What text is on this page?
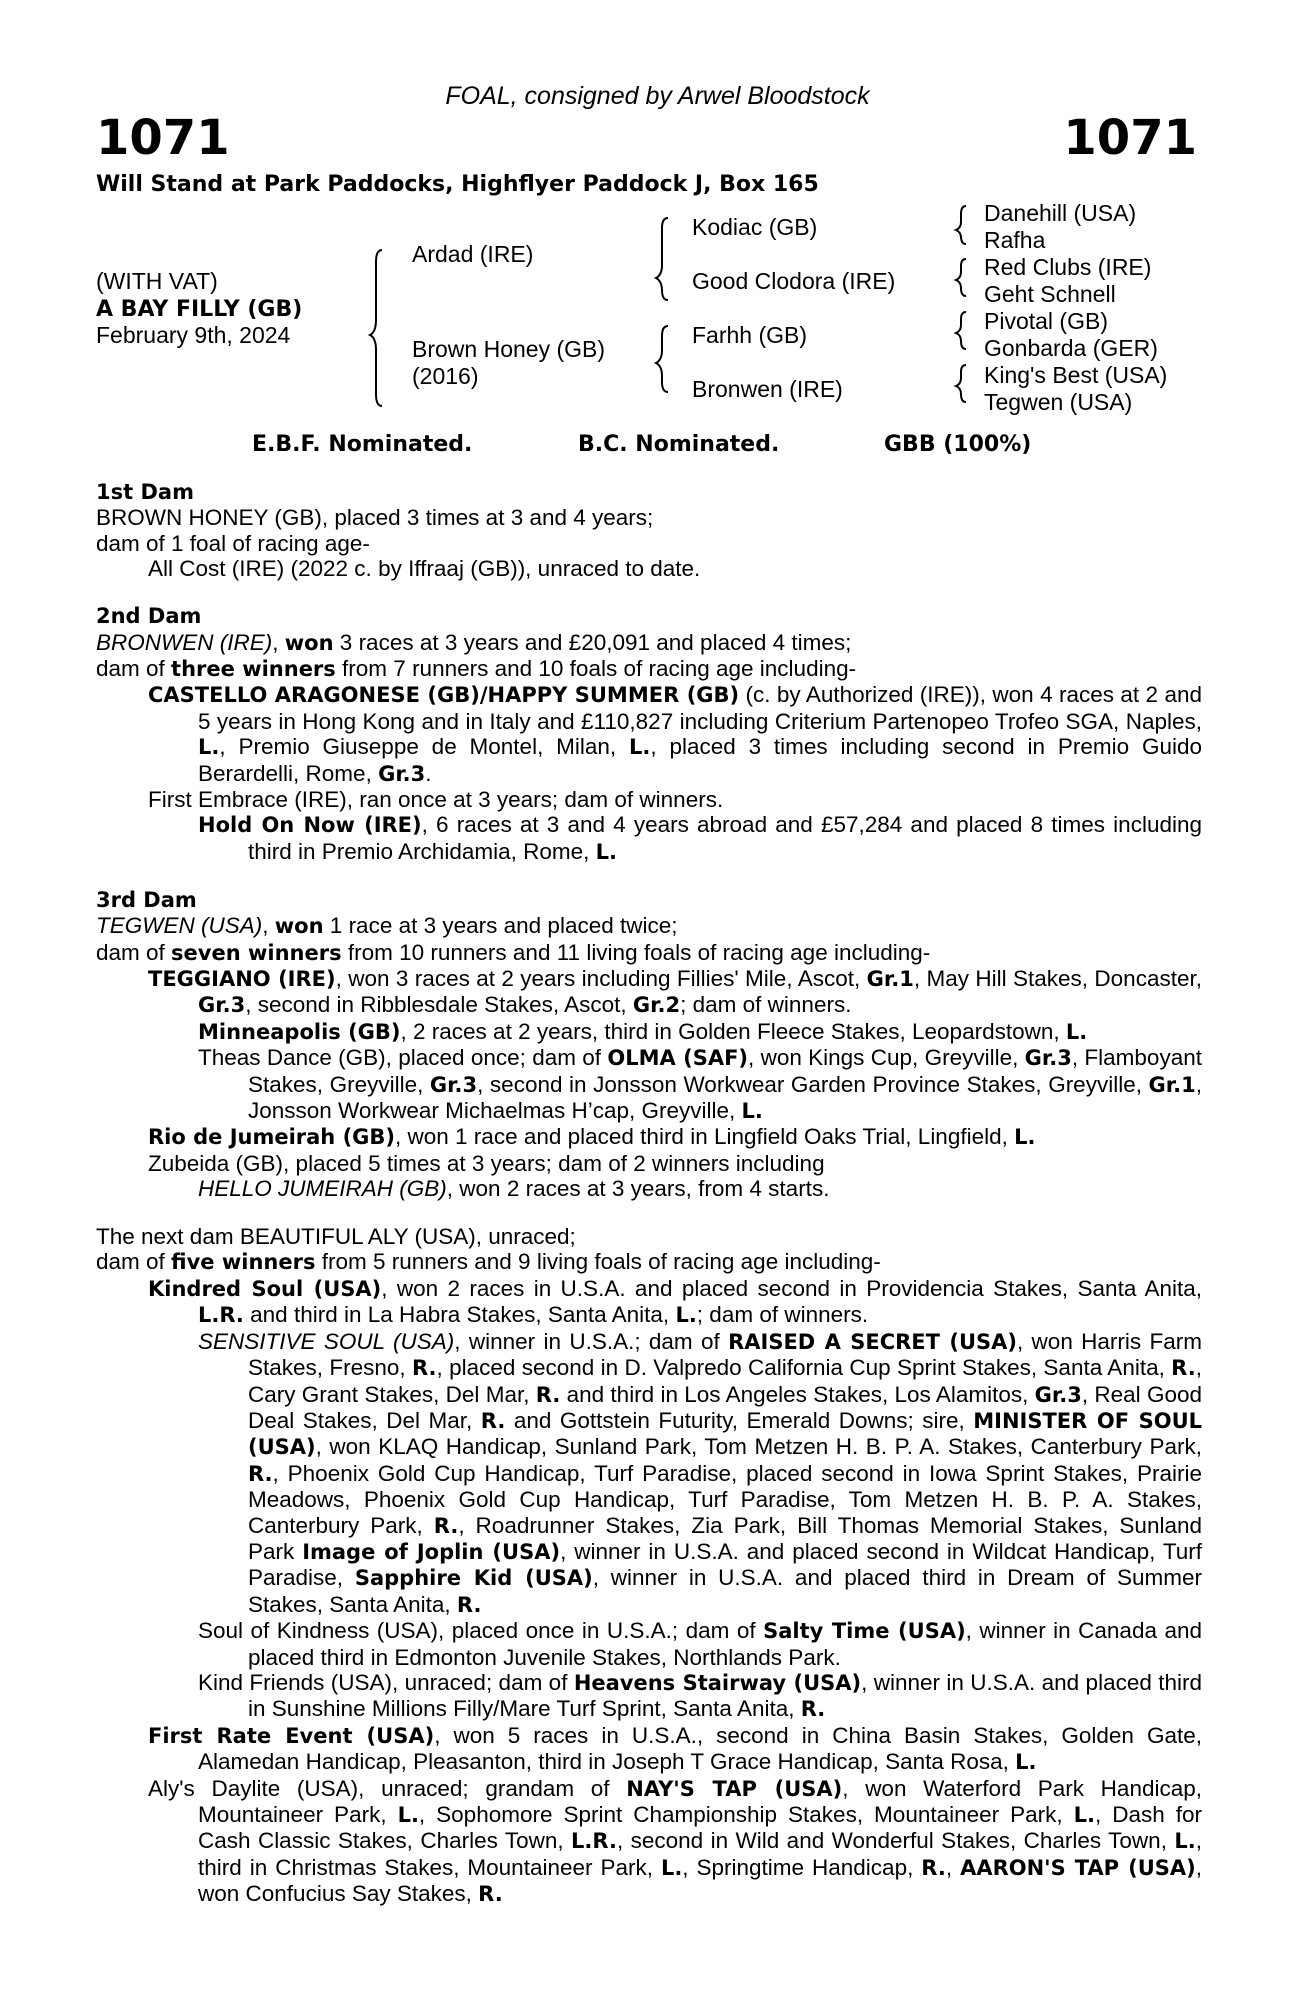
FOAL, consigned by Arwel Bloodstock
1071	1071
Will Stand at Park Paddocks, Highflyer Paddock J, Box 165
(WITH VAT)
A BAY FILLY (GB)
February 9th, 2024
Ardad (IRE)
Brown Honey (GB)
(2016)
Kodiac (GB)
Good Clodora (IRE)
Farhh (GB)
Bronwen (IRE)
Danehill (USA)
Rafha
Red Clubs (IRE)
Geht Schnell
Pivotal (GB)
Gonbarda (GER)
King's Best (USA)
Tegwen (USA)
E.B.F. Nominated.	B.C. Nominated.	GBB (100%)
1st Dam
BROWN HONEY (GB), placed 3 times at 3 and 4 years;
dam of 1 foal of racing age-
All Cost (IRE) (2022 c. by Iffraaj (GB)), unraced to date.
2nd Dam
BRONWEN (IRE), won 3 races at 3 years and £20,091 and placed 4 times;
dam of three winners from 7 runners and 10 foals of racing age including-
CASTELLO ARAGONESE (GB)/HAPPY SUMMER (GB) (c. by Authorized (IRE)), won 4 races at 2 and 5 years in Hong Kong and in Italy and £110,827 including Criterium Partenopeo Trofeo SGA, Naples, L., Premio Giuseppe de Montel, Milan, L., placed 3 times including second in Premio Guido Berardelli, Rome, Gr.3.
First Embrace (IRE), ran once at 3 years; dam of winners.
Hold On Now (IRE), 6 races at 3 and 4 years abroad and £57,284 and placed 8 times including third in Premio Archidamia, Rome, L.
3rd Dam
TEGWEN (USA), won 1 race at 3 years and placed twice;
dam of seven winners from 10 runners and 11 living foals of racing age including-
TEGGIANO (IRE), won 3 races at 2 years including Fillies' Mile, Ascot, Gr.1, May Hill Stakes, Doncaster, Gr.3, second in Ribblesdale Stakes, Ascot, Gr.2; dam of winners.
Minneapolis (GB), 2 races at 2 years, third in Golden Fleece Stakes, Leopardstown, L.
Theas Dance (GB), placed once; dam of OLMA (SAF), won Kings Cup, Greyville, Gr.3, Flamboyant Stakes, Greyville, Gr.3, second in Jonsson Workwear Garden Province Stakes, Greyville, Gr.1, Jonsson Workwear Michaelmas H’cap, Greyville, L.
Rio de Jumeirah (GB), won 1 race and placed third in Lingfield Oaks Trial, Lingfield, L.
Zubeida (GB), placed 5 times at 3 years; dam of 2 winners including
HELLO JUMEIRAH (GB), won 2 races at 3 years, from 4 starts.
The next dam BEAUTIFUL ALY (USA), unraced;
dam of five winners from 5 runners and 9 living foals of racing age including-
Kindred Soul (USA), won 2 races in U.S.A. and placed second in Providencia Stakes, Santa Anita, L.R. and third in La Habra Stakes, Santa Anita, L.; dam of winners.
SENSITIVE SOUL (USA), winner in U.S.A.; dam of RAISED A SECRET (USA), won Harris Farm Stakes, Fresno, R., placed second in D. Valpredo California Cup Sprint Stakes, Santa Anita, R., Cary Grant Stakes, Del Mar, R. and third in Los Angeles Stakes, Los Alamitos, Gr.3, Real Good Deal Stakes, Del Mar, R. and Gottstein Futurity, Emerald Downs; sire, MINISTER OF SOUL (USA), won KLAQ Handicap, Sunland Park, Tom Metzen H. B. P. A. Stakes, Canterbury Park, R., Phoenix Gold Cup Handicap, Turf Paradise, placed second in Iowa Sprint Stakes, Prairie Meadows, Phoenix Gold Cup Handicap, Turf Paradise, Tom Metzen H. B. P. A. Stakes, Canterbury Park, R., Roadrunner Stakes, Zia Park, Bill Thomas Memorial Stakes, Sunland Park Image of Joplin (USA), winner in U.S.A. and placed second in Wildcat Handicap, Turf Paradise, Sapphire Kid (USA), winner in U.S.A. and placed third in Dream of Summer Stakes, Santa Anita, R.
Soul of Kindness (USA), placed once in U.S.A.; dam of Salty Time (USA), winner in Canada and placed third in Edmonton Juvenile Stakes, Northlands Park.
Kind Friends (USA), unraced; dam of Heavens Stairway (USA), winner in U.S.A. and placed third in Sunshine Millions Filly/Mare Turf Sprint, Santa Anita, R.
First Rate Event (USA), won 5 races in U.S.A., second in China Basin Stakes, Golden Gate, Alamedan Handicap, Pleasanton, third in Joseph T Grace Handicap, Santa Rosa, L.
Aly's Daylite (USA), unraced; grandam of NAY'S TAP (USA), won Waterford Park Handicap, Mountaineer Park, L., Sophomore Sprint Championship Stakes, Mountaineer Park, L., Dash for Cash Classic Stakes, Charles Town, L.R., second in Wild and Wonderful Stakes, Charles Town, L., third in Christmas Stakes, Mountaineer Park, L., Springtime Handicap, R., AARON'S TAP (USA), won Confucius Say Stakes, R.
